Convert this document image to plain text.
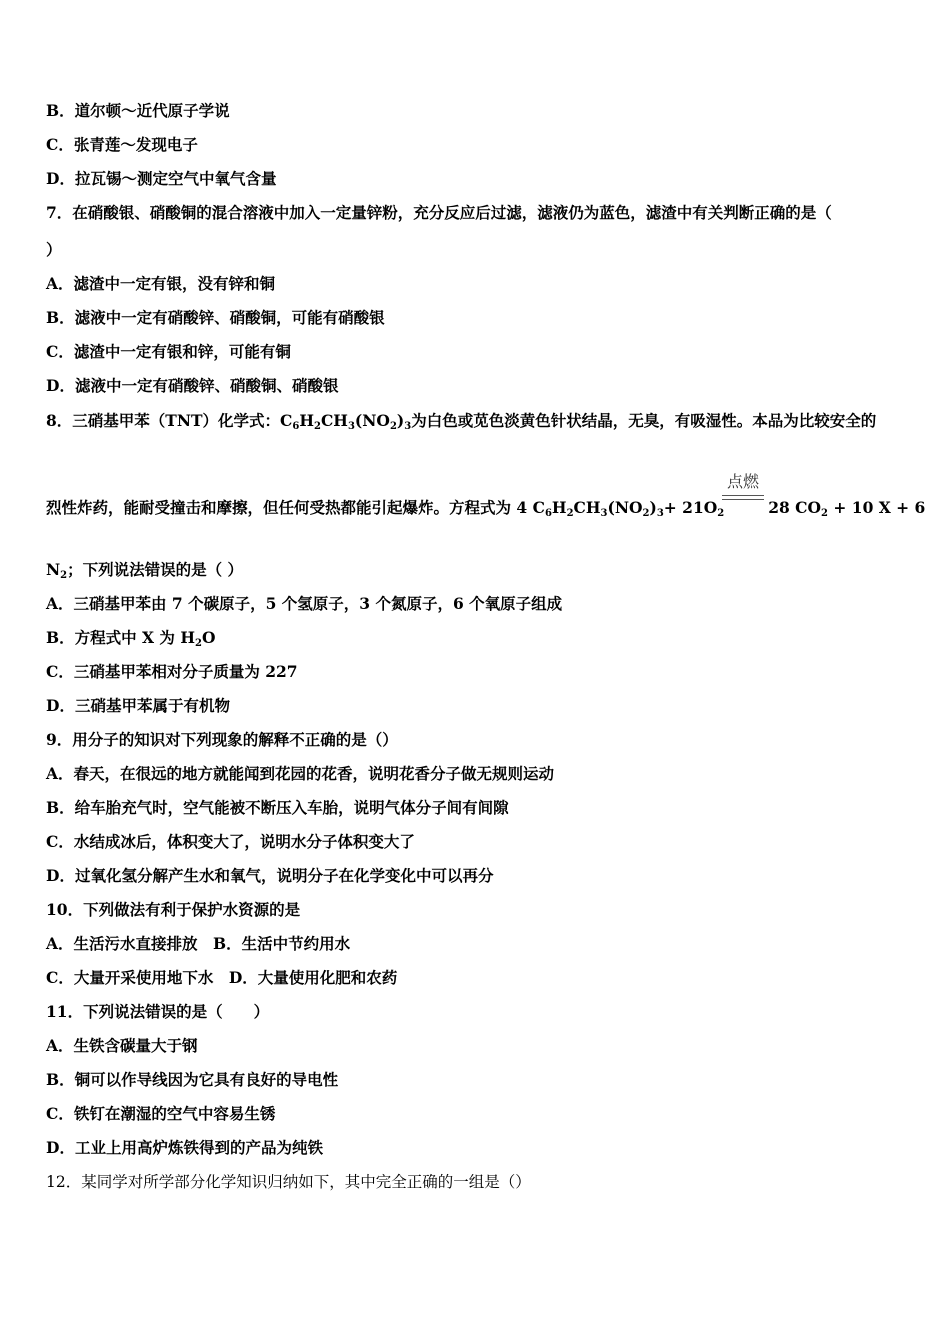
B．道尔顿～近代原子学说
C．张青莲～发现电子
D．拉瓦锡～测定空气中氧气含量
7．在硝酸银、硝酸铜的混合溶液中加入一定量锌粉，充分反应后过滤，滤液仍为蓝色，滤渣中有关判断正确的是（
）
A．滤渣中一定有银，没有锌和铜
B．滤液中一定有硝酸锌、硝酸铜，可能有硝酸银
C．滤渣中一定有银和锌，可能有铜
D．滤液中一定有硝酸锌、硝酸铜、硝酸银
8．三硝基甲苯（TNT）化学式：$C_6H_2CH_3(NO_2)_3$为白色或苋色淡黄色针状结晶，无臭，有吸湿性。本品为比较安全的
点燃
烈性炸药，能耐受撞击和摩擦，但任何受热都能引起爆炸。方程式为 4 $C_6H_2CH_3(NO_2)_3+ 21O_2$	28 $CO_2 + 10$ X + 6
$N_2$；下列说法错误的是（ ）
A．三硝基甲苯由 7 个碳原子，5 个氢原子，3 个氮原子，6 个氧原子组成
B．方程式中 X 为 $H_2O$
C．三硝基甲苯相对分子质量为 227
D．三硝基甲苯属于有机物
9．用分子的知识对下列现象的解释不正确的是（）
A．春天，在很远的地方就能闻到花园的花香，说明花香分子做无规则运动
B．给车胎充气时，空气能被不断压入车胎，说明气体分子间有间隙
C．水结成冰后，体积变大了，说明水分子体积变大了
D．过氧化氢分解产生水和氧气，说明分子在化学变化中可以再分
10．下列做法有利于保护水资源的是
A．生活污水直接排放　B．生活中节约用水
C．大量开采使用地下水　D．大量使用化肥和农药
11．下列说法错误的是（　　）
A．生铁含碳量大于钢
B．铜可以作导线因为它具有良好的导电性
C．铁钉在潮湿的空气中容易生锈
D．工业上用高炉炼铁得到的产品为纯铁
12．某同学对所学部分化学知识归纳如下，其中完全正确的一组是（）
